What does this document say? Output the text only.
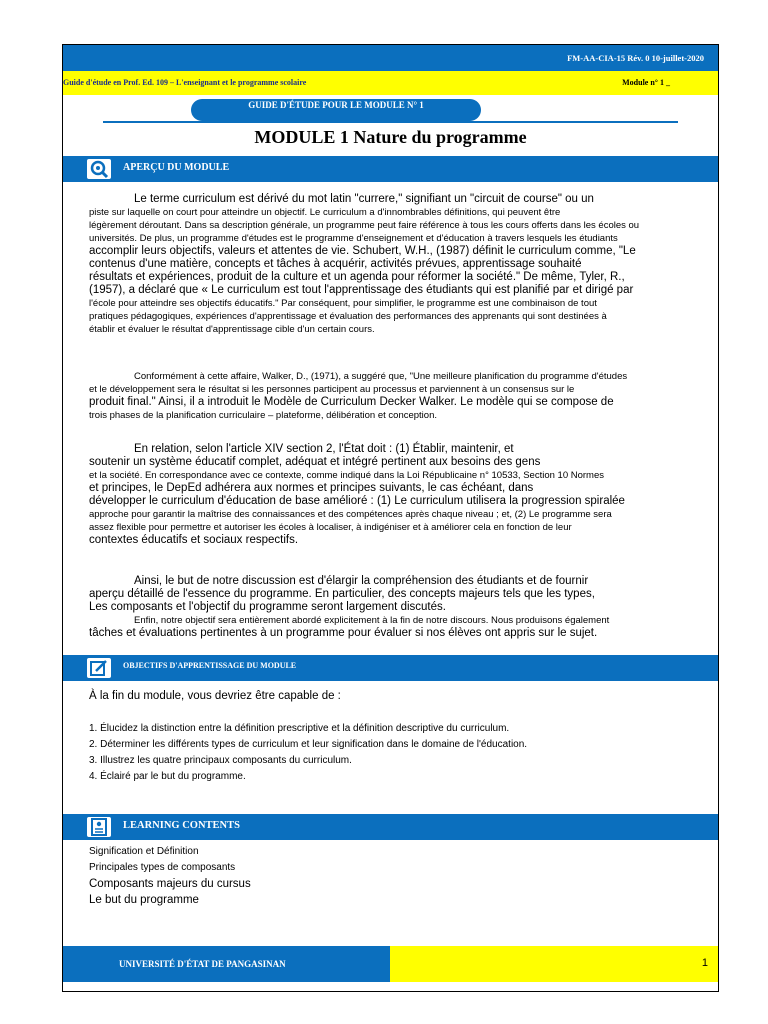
FM-AA-CIA-15 Rév. 0 10-juillet-2020
Guide d'étude en Prof. Ed. 109 – L'enseignant et le programme scolaire	Module n° 1 _
GUIDE D'ÉTUDE POUR LE MODULE N° 1
MODULE 1 Nature du programme
APERÇU DU MODULE

Le terme curriculum est dérivé du mot latin "currere," signifiant un "circuit de course" ou un
piste sur laquelle on court pour atteindre un objectif. Le curriculum a d'innombrables définitions, qui peuvent être
légèrement déroutant. Dans sa description générale, un programme peut faire référence à tous les cours offerts dans les écoles ou
universités. De plus, un programme d'études est le programme d'enseignement et d'éducation à travers lesquels les étudiants
accomplir leurs objectifs, valeurs et attentes de vie. Schubert, W.H., (1987) définit le curriculum comme, "Le
contenus d'une matière, concepts et tâches à acquérir, activités prévues, apprentissage souhaité
résultats et expériences, produit de la culture et un agenda pour réformer la société." De même, Tyler, R.,
(1957), a déclaré que « Le curriculum est tout l'apprentissage des étudiants qui est planifié par et dirigé par
l'école pour atteindre ses objectifs éducatifs." Par conséquent, pour simplifier, le programme est une combinaison de tout
pratiques pédagogiques, expériences d'apprentissage et évaluation des performances des apprenants qui sont destinées à
établir et évaluer le résultat d'apprentissage cible d'un certain cours.

Conformément à cette affaire, Walker, D., (1971), a suggéré que, "Une meilleure planification du programme d'études
et le développement sera le résultat si les personnes participent au processus et parviennent à un consensus sur le
produit final." Ainsi, il a introduit le Modèle de Curriculum Decker Walker. Le modèle qui se compose de
trois phases de la planification curriculaire – plateforme, délibération et conception.

En relation, selon l'article XIV section 2, l'État doit : (1) Établir, maintenir, et
soutenir un système éducatif complet, adéquat et intégré pertinent aux besoins des gens
et la société. En correspondance avec ce contexte, comme indiqué dans la Loi Républicaine n° 10533, Section 10 Normes
et principes, le DepEd adhérera aux normes et principes suivants, le cas échéant, dans
développer le curriculum d'éducation de base amélioré : (1) Le curriculum utilisera la progression spiralée
approche pour garantir la maîtrise des connaissances et des compétences après chaque niveau ; et, (2) Le programme sera
assez flexible pour permettre et autoriser les écoles à localiser, à indigéniser et à améliorer cela en fonction de leur
contextes éducatifs et sociaux respectifs.

Ainsi, le but de notre discussion est d'élargir la compréhension des étudiants et de fournir
aperçu détaillé de l'essence du programme. En particulier, des concepts majeurs tels que les types,
Les composants et l'objectif du programme seront largement discutés.
Enfin, notre objectif sera entièrement abordé explicitement à la fin de notre discours. Nous produisons également
tâches et évaluations pertinentes à un programme pour évaluer si nos élèves ont appris sur le sujet.

OBJECTIFS D'APPRENTISSAGE DU MODULE
À la fin du module, vous devriez être capable de :
1. Élucidez la distinction entre la définition prescriptive et la définition descriptive du curriculum.
2. Déterminer les différents types de curriculum et leur signification dans le domaine de l'éducation.
3. Illustrez les quatre principaux composants du curriculum.
4. Éclairé par le but du programme.
LEARNING CONTENTS
Signification et Définition
Principales types de composants
Composants majeurs du cursus
Le but du programme
UNIVERSITÉ D'ÉTAT DE PANGASINAN	1
